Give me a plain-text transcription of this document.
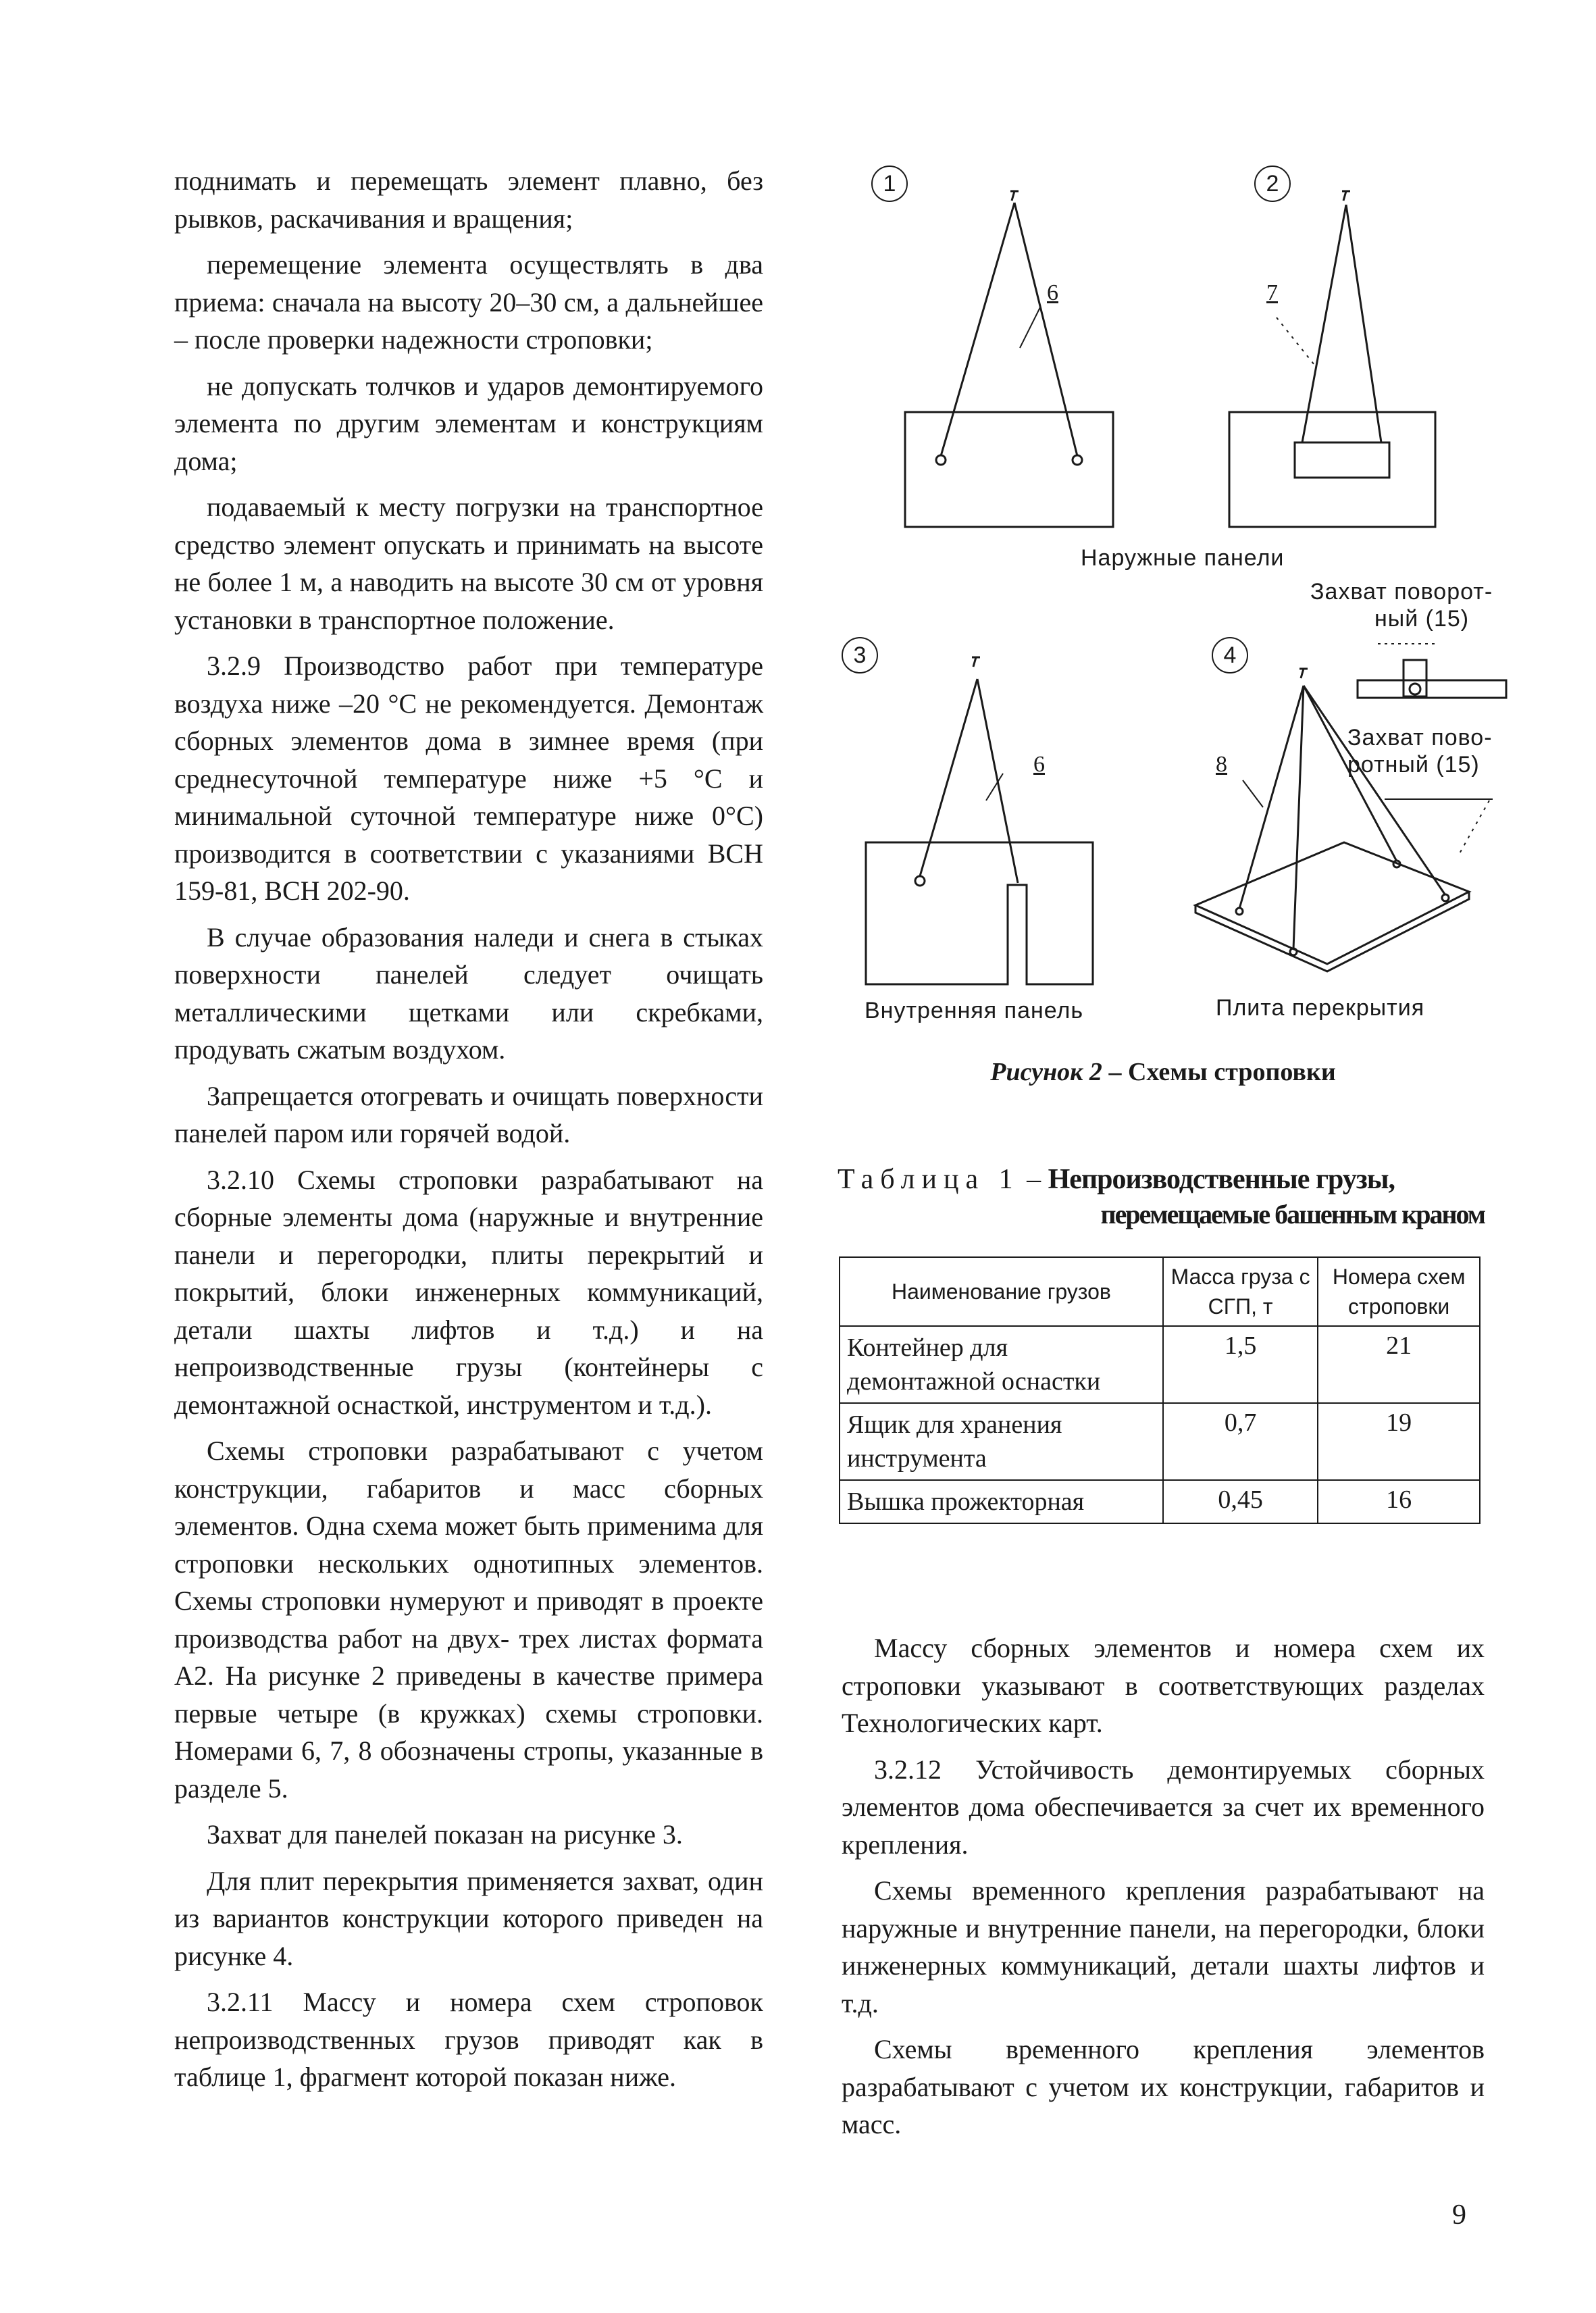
поднимать и перемещать элемент плавно, без рывков, раскачивания и вращения;

перемещение элемента осуществлять в два приема: сначала на высоту 20–30 см, а дальнейшее – после проверки надежности строповки;

не допускать толчков и ударов демонтируемого элемента по другим элементам и конструкциям дома;

подаваемый к месту погрузки на транспортное средство элемент опускать и принимать на высоте не более 1 м, а наводить на высоте 30 см от уровня установки в транспортное положение.

3.2.9 Производство работ при температуре воздуха ниже –20 °С не рекомендуется. Демонтаж сборных элементов дома в зимнее время (при среднесуточной температуре ниже +5 °С и минимальной суточной температуре ниже 0°С) производится в соответствии с указаниями ВСН 159-81, ВСН 202-90.

В случае образования наледи и снега в стыках поверхности панелей следует очищать металлическими щетками или скребками, продувать сжатым воздухом.

Запрещается отогревать и очищать поверхности панелей паром или горячей водой.

3.2.10 Схемы строповки разрабатывают на сборные элементы дома (наружные и внутренние панели и перегородки, плиты перекрытий и покрытий, блоки инженерных коммуникаций, детали шахты лифтов и т.д.) и на непроизводственные грузы (контейнеры с демонтажной оснасткой, инструментом и т.д.).

Схемы строповки разрабатывают с учетом конструкции, габаритов и масс сборных элементов. Одна схема может быть применима для строповки нескольких однотипных элементов. Схемы строповки нумеруют и приводят в проекте производства работ на двух- трех листах формата А2. На рисунке 2 приведены в качестве примера первые четыре (в кружках) схемы строповки. Номерами 6, 7, 8 обозначены стропы, указанные в разделе 5.

Захват для панелей показан на рисунке 3.

Для плит перекрытия применяется захват, один из вариантов конструкции которого приведен на рисунке 4.

3.2.11 Массу и номера схем строповок непроизводственных грузов приводят как в таблице 1, фрагмент которой показан ниже.

1	2
3	4
6	7
6	8
Наружные панели
Захват поворот-
ный (15)
Захват пово-
ротный (15)
Внутренняя панель	Плита перекрытия
Рисунок 2 – Схемы строповки
Таблица 1 – Непроизводственные грузы,
перемещаемые башенным краном
Наименование грузов	Масса груза с СГП, т	Номера схем строповки
Контейнер для демонтажной оснастки	1,5	21
Ящик для хранения инструмента	0,7	19
Вышка прожекторная	0,45	16

Массу сборных элементов и номера схем их строповки указывают в соответствующих разделах Технологических карт.

3.2.12 Устойчивость демонтируемых сборных элементов дома обеспечивается за счет их временного крепления.

Схемы временного крепления разрабатывают на наружные и внутренние панели, на перегородки, блоки инженерных коммуникаций, детали шахты лифтов и т.д.

Схемы временного крепления элементов разрабатывают с учетом их конструкции, габаритов и масс.

9
